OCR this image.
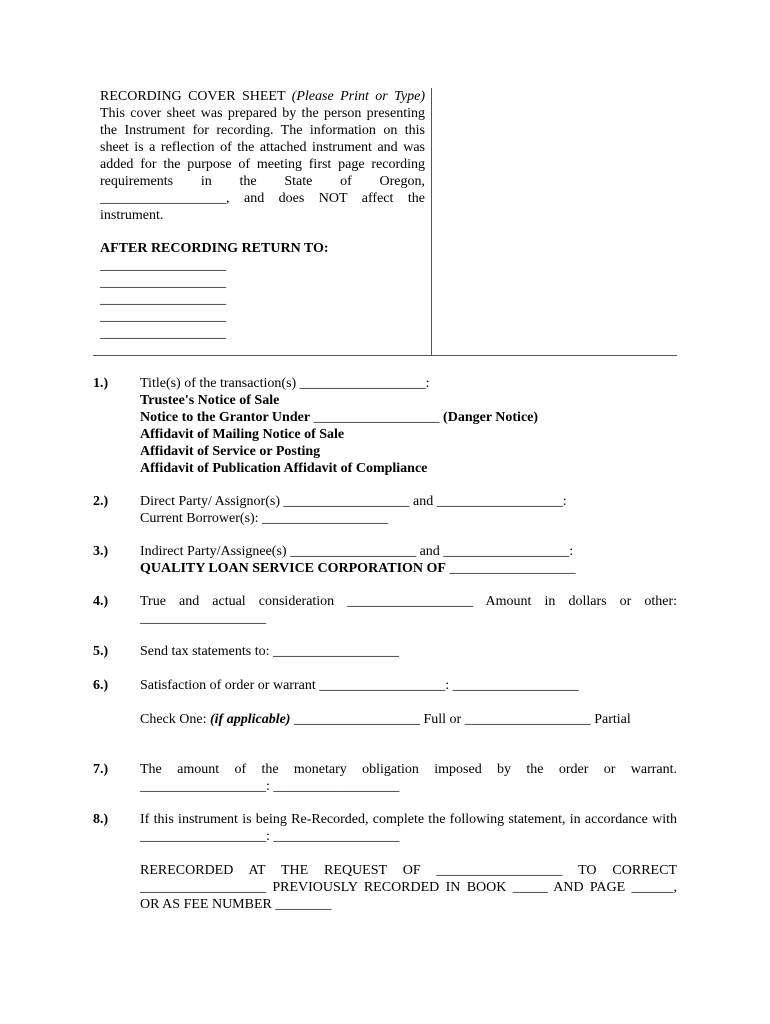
RECORDING COVER SHEET (Please Print or Type) This cover sheet was prepared by the person presenting the Instrument for recording. The information on this sheet is a reflection of the attached instrument and was added for the purpose of meeting first page recording requirements in the State of Oregon, __________________, and does NOT affect the instrument.

AFTER RECORDING RETURN TO:
__________________
__________________
__________________
__________________
__________________
1.) Title(s) of the transaction(s) __________________:
Trustee's Notice of Sale
Notice to the Grantor Under __________________ (Danger Notice)
Affidavit of Mailing Notice of Sale
Affidavit of Service or Posting
Affidavit of Publication Affidavit of Compliance
2.) Direct Party/ Assignor(s) __________________ and __________________:
Current Borrower(s): __________________
3.) Indirect Party/Assignee(s) __________________ and __________________:
QUALITY LOAN SERVICE CORPORATION OF __________________
4.) True and actual consideration __________________ Amount in dollars or other: __________________
5.) Send tax statements to: __________________
6.) Satisfaction of order or warrant __________________: __________________
Check One: (if applicable) __________________ Full or __________________ Partial
7.) The amount of the monetary obligation imposed by the order or warrant. __________________: __________________
8.) If this instrument is being Re-Recorded, complete the following statement, in accordance with __________________: __________________
RERECORDED AT THE REQUEST OF __________________ TO CORRECT __________________ PREVIOUSLY RECORDED IN BOOK _____ AND PAGE ______, OR AS FEE NUMBER ________
